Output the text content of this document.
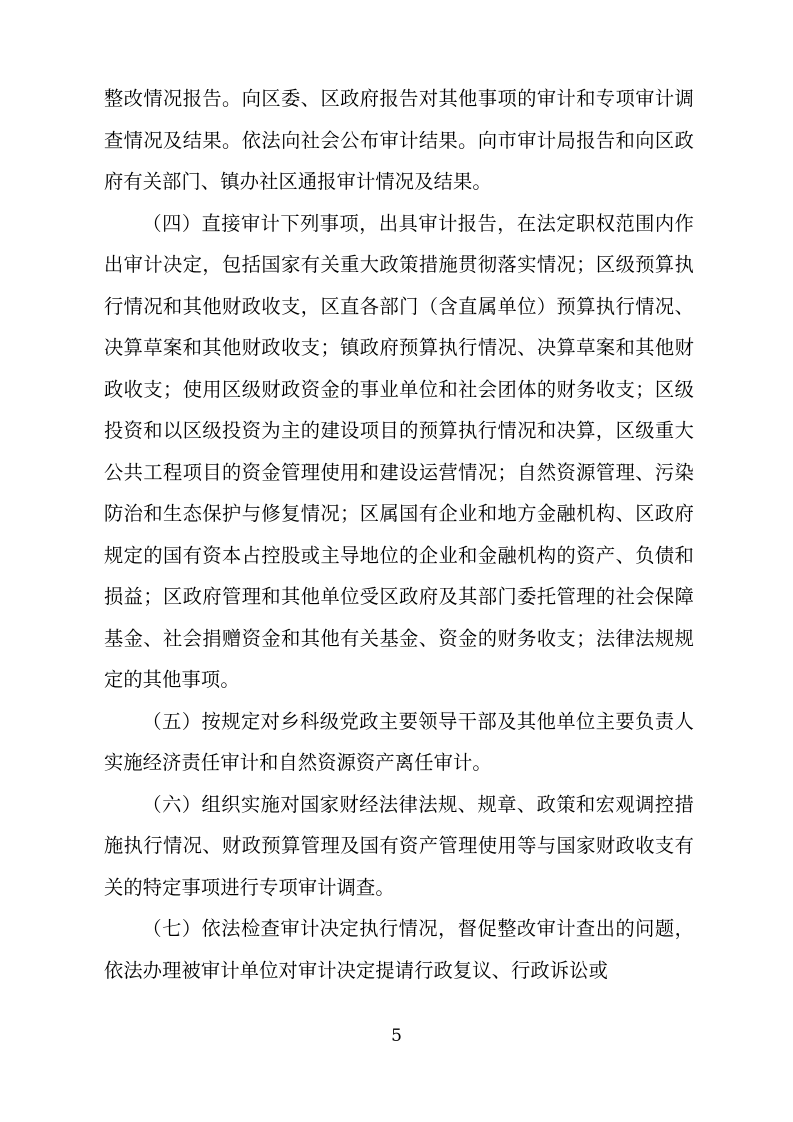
整改情况报告。向区委、区政府报告对其他事项的审计和专项审计调查情况及结果。依法向社会公布审计结果。向市审计局报告和向区政府有关部门、镇办社区通报审计情况及结果。

（四）直接审计下列事项，出具审计报告，在法定职权范围内作出审计决定，包括国家有关重大政策措施贯彻落实情况；区级预算执行情况和其他财政收支，区直各部门（含直属单位）预算执行情况、决算草案和其他财政收支；镇政府预算执行情况、决算草案和其他财政收支；使用区级财政资金的事业单位和社会团体的财务收支；区级投资和以区级投资为主的建设项目的预算执行情况和决算，区级重大公共工程项目的资金管理使用和建设运营情况；自然资源管理、污染防治和生态保护与修复情况；区属国有企业和地方金融机构、区政府规定的国有资本占控股或主导地位的企业和金融机构的资产、负债和损益；区政府管理和其他单位受区政府及其部门委托管理的社会保障基金、社会捐赠资金和其他有关基金、资金的财务收支；法律法规规定的其他事项。

（五）按规定对乡科级党政主要领导干部及其他单位主要负责人实施经济责任审计和自然资源资产离任审计。

（六）组织实施对国家财经法律法规、规章、政策和宏观调控措施执行情况、财政预算管理及国有资产管理使用等与国家财政收支有关的特定事项进行专项审计调查。

（七）依法检查审计决定执行情况，督促整改审计查出的问题，依法办理被审计单位对审计决定提请行政复议、行政诉讼或

5
